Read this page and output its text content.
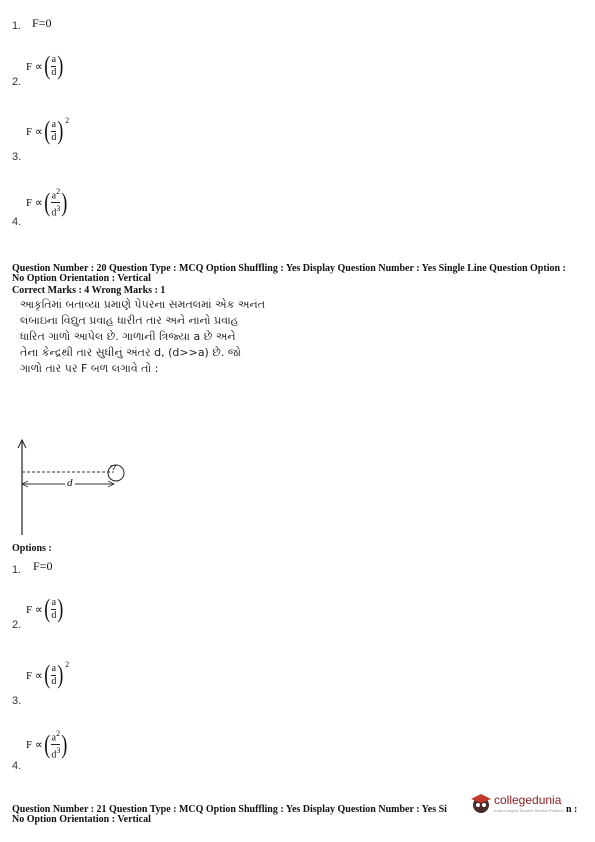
1. F=0
F ∝ ( $\frac{a}{d}$ )
2.
F ∝ ( $\frac{a}{d}$ ) 2
3.
F ∝ ( $\frac{a^2}{d^3}$ )
4.
Question Number : 20 Question Type : MCQ Option Shuffling : Yes Display Question Number : Yes Single Line Question Option :
No Option Orientation : Vertical
Correct Marks : 4 Wrong Marks : 1
આકૃતિમાં બતાવ્યા પ્રમાણે પેપરના સમતલમાં એક અનંત
લંબાઇના વિદ્યુત પ્રવાહ ધારીત તાર અને નાનો પ્રવાહ
ધારિત ગાળો આપેલ છે. ગાળાની ત્રિજ્યા a છે અને
તેના કેન્દ્રથી તાર સુધીનું અંતર d, (d>>a) છે. જો
ગાળો તાર પર F બળ લગાવે તો :
d
Options :
1. F=0
F ∝ ( $\frac{a}{d}$ )
2.
F ∝ ( $\frac{a}{d}$ ) 2
3.
F ∝ ( $\frac{a^2}{d^3}$ )
4.
Question Number : 21 Question Type : MCQ Option Shuffling : Yes Display Question Number : Yes Si	n :
No Option Orientation : Vertical
collegedunia
India's largest Student Review Platform
